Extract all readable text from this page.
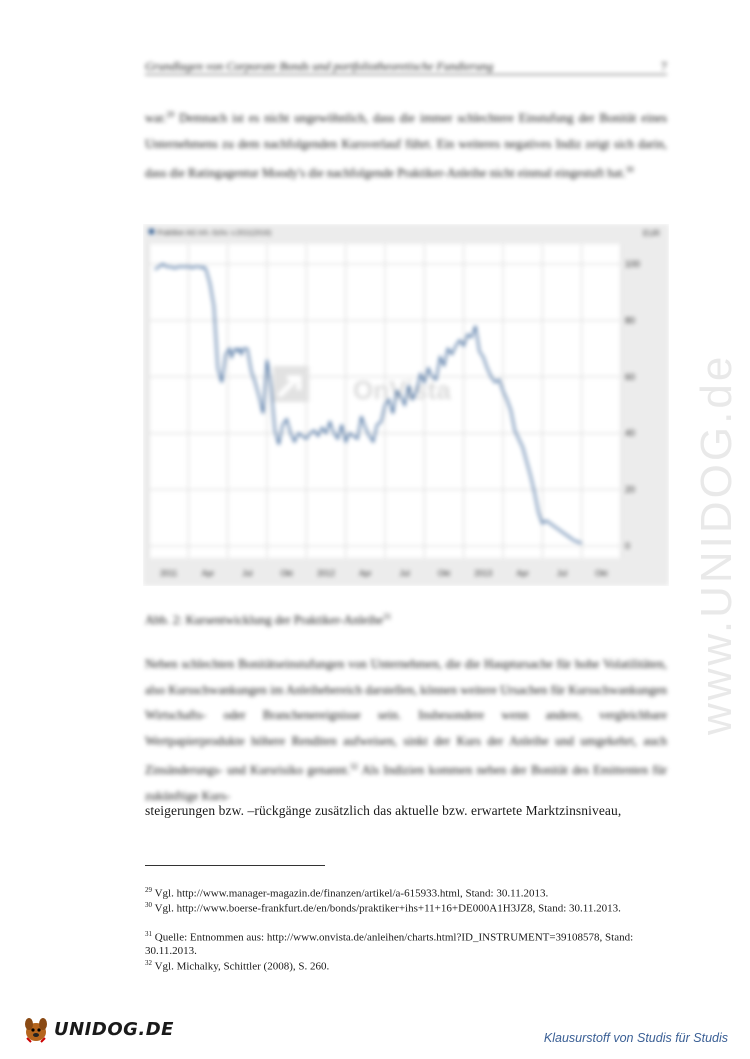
Grundlagen von Corporate Bonds und portfoliotheoretische Fundierung	7
war.$^{29}$ Demnach ist es nicht ungewöhnlich, dass die immer schlechtere Einstufung der Bonität eines Unternehmens zu dem nachfolgenden Kursverlauf führt. Ein weiteres negatives Indiz zeigt sich darin, dass die Ratingagentur Moody's die nachfolgende Praktiker-Anleihe nicht einmal eingestuft hat.$^{30}$
Praktiker AG Inh.-Schv. v.2011(2016)	EUR
0
20
40
60
80
100
2011	Apr	Jul	Okt	2012	Apr	Jul	Okt	2013	Apr	Jul	Okt
OnVista
Abb. 2: Kursentwicklung der Praktiker-Anleihe$^{31}$
Neben schlechten Bonitätseinstufungen von Unternehmen, die die Hauptursache für hohe Volatilitäten, also Kursschwankungen im Anleihebereich darstellen, können weitere Ursachen für Kursschwankungen Wirtschafts- oder Branchenereignisse sein. Insbesondere wenn andere, vergleichbare Wertpapierprodukte höhere Renditen aufweisen, sinkt der Kurs der Anleihe und umgekehrt, auch Zinsänderungs- und Kursrisiko genannt.$^{32}$ Als Indizien kommen neben der Bonität des Emittenten für zukünftige Kurs-
steigerungen bzw. –rückgänge zusätzlich das aktuelle bzw. erwartete Marktzinsniveau,
$^{29}$ Vgl. http://www.manager-magazin.de/finanzen/artikel/a-615933.html, Stand: 30.11.2013.
$^{30}$ Vgl. http://www.boerse-frankfurt.de/en/bonds/praktiker+ihs+11+16+DE000A1H3JZ8, Stand: 30.11.2013.
$^{31}$ Quelle: Entnommen aus: http://www.onvista.de/anleihen/charts.html?ID_INSTRUMENT=39108578, Stand: 30.11.2013.
$^{32}$ Vgl. Michalky, Schittler (2008), S. 260.
www.UNIDOG.de
UNIDOG.DE	Klausurstoff von Studis für Studis
